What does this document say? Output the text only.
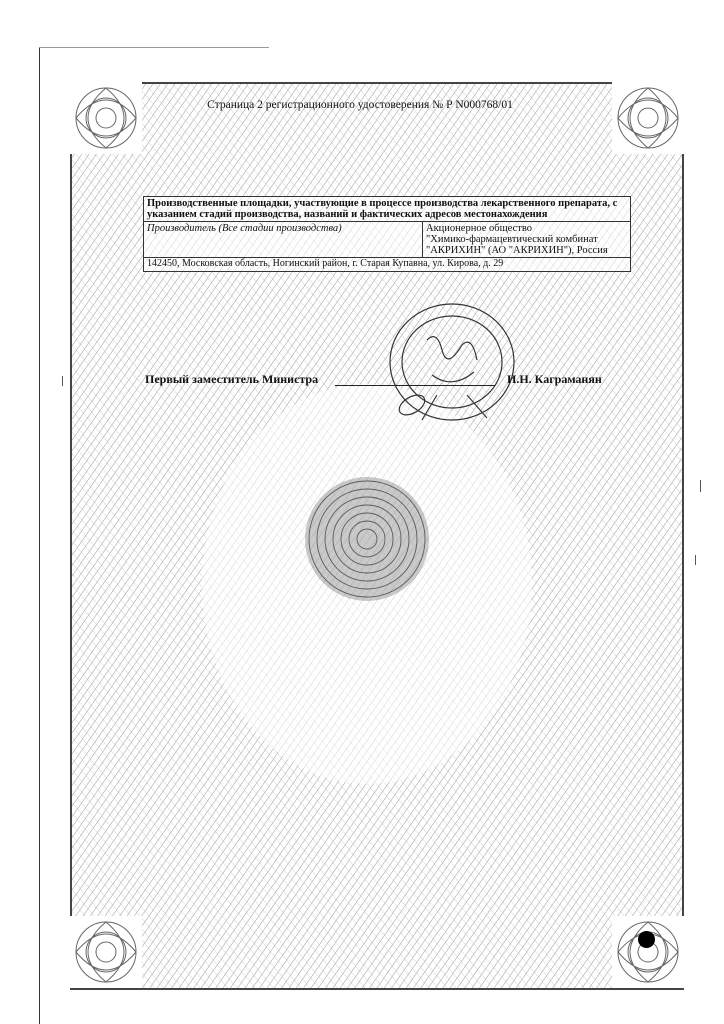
Страница 2 регистрационного удостоверения № Р N000768/01
Производственные площадки, участвующие в процессе производства лекарственного препарата, с указанием стадий производства, названий и фактических адресов местонахождения
Производитель (Все стадии производства)	Акционерное общество
"Химико-фармацевтический комбинат
"АКРИХИН" (АО "АКРИХИН"), Россия

142450, Московская область, Ногинский район, г. Старая Купавна, ул. Кирова, д. 29
Первый заместитель Министра	И.Н. Каграманян
